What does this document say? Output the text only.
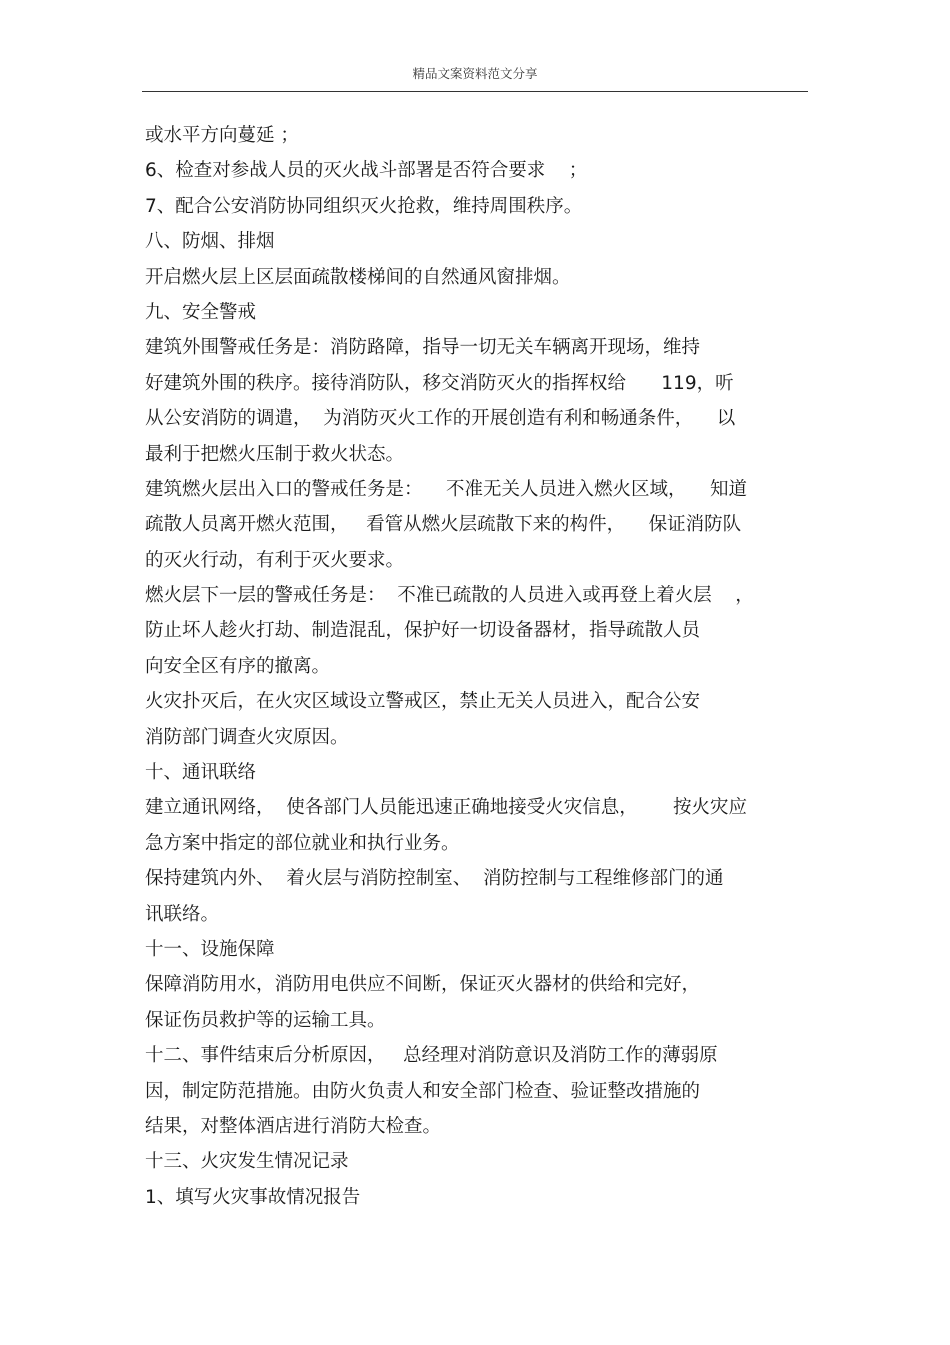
精品文案资料范文分享
或水平方向蔓延 ；
6、检查对参战人员的灭火战斗部署是否符合要求    ；
7、配合公安消防协同组织灭火抢救，维持周围秩序。
八、防烟、排烟
开启燃火层上区层面疏散楼梯间的自然通风窗排烟。
九、安全警戒
建筑外围警戒任务是：消防路障，指导一切无关车辆离开现场，维持
好建筑外围的秩序。接待消防队，移交消防灭火的指挥权给      119，听
从公安消防的调遣，  为消防灭火工作的开展创造有利和畅通条件，    以
最利于把燃火压制于救火状态。
建筑燃火层出入口的警戒任务是：    不准无关人员进入燃火区域，    知道
疏散人员离开燃火范围，   看管从燃火层疏散下来的构件，    保证消防队
的灭火行动，有利于灭火要求。
燃火层下一层的警戒任务是：  不准已疏散的人员进入或再登上着火层    ，
防止坏人趁火打劫、制造混乱，保护好一切设备器材，指导疏散人员
向安全区有序的撤离。
火灾扑灭后，在火灾区域设立警戒区，禁止无关人员进入，配合公安
消防部门调查火灾原因。
十、通讯联络
建立通讯网络，  使各部门人员能迅速正确地接受火灾信息，      按火灾应
急方案中指定的部位就业和执行业务。
保持建筑内外、  着火层与消防控制室、  消防控制与工程维修部门的通
讯联络。
十一、设施保障
保障消防用水，消防用电供应不间断，保证灭火器材的供给和完好，
保证伤员救护等的运输工具。
十二、事件结束后分析原因，   总经理对消防意识及消防工作的薄弱原
因，制定防范措施。由防火负责人和安全部门检查、验证整改措施的
结果，对整体酒店进行消防大检查。
十三、火灾发生情况记录
1、填写火灾事故情况报告
